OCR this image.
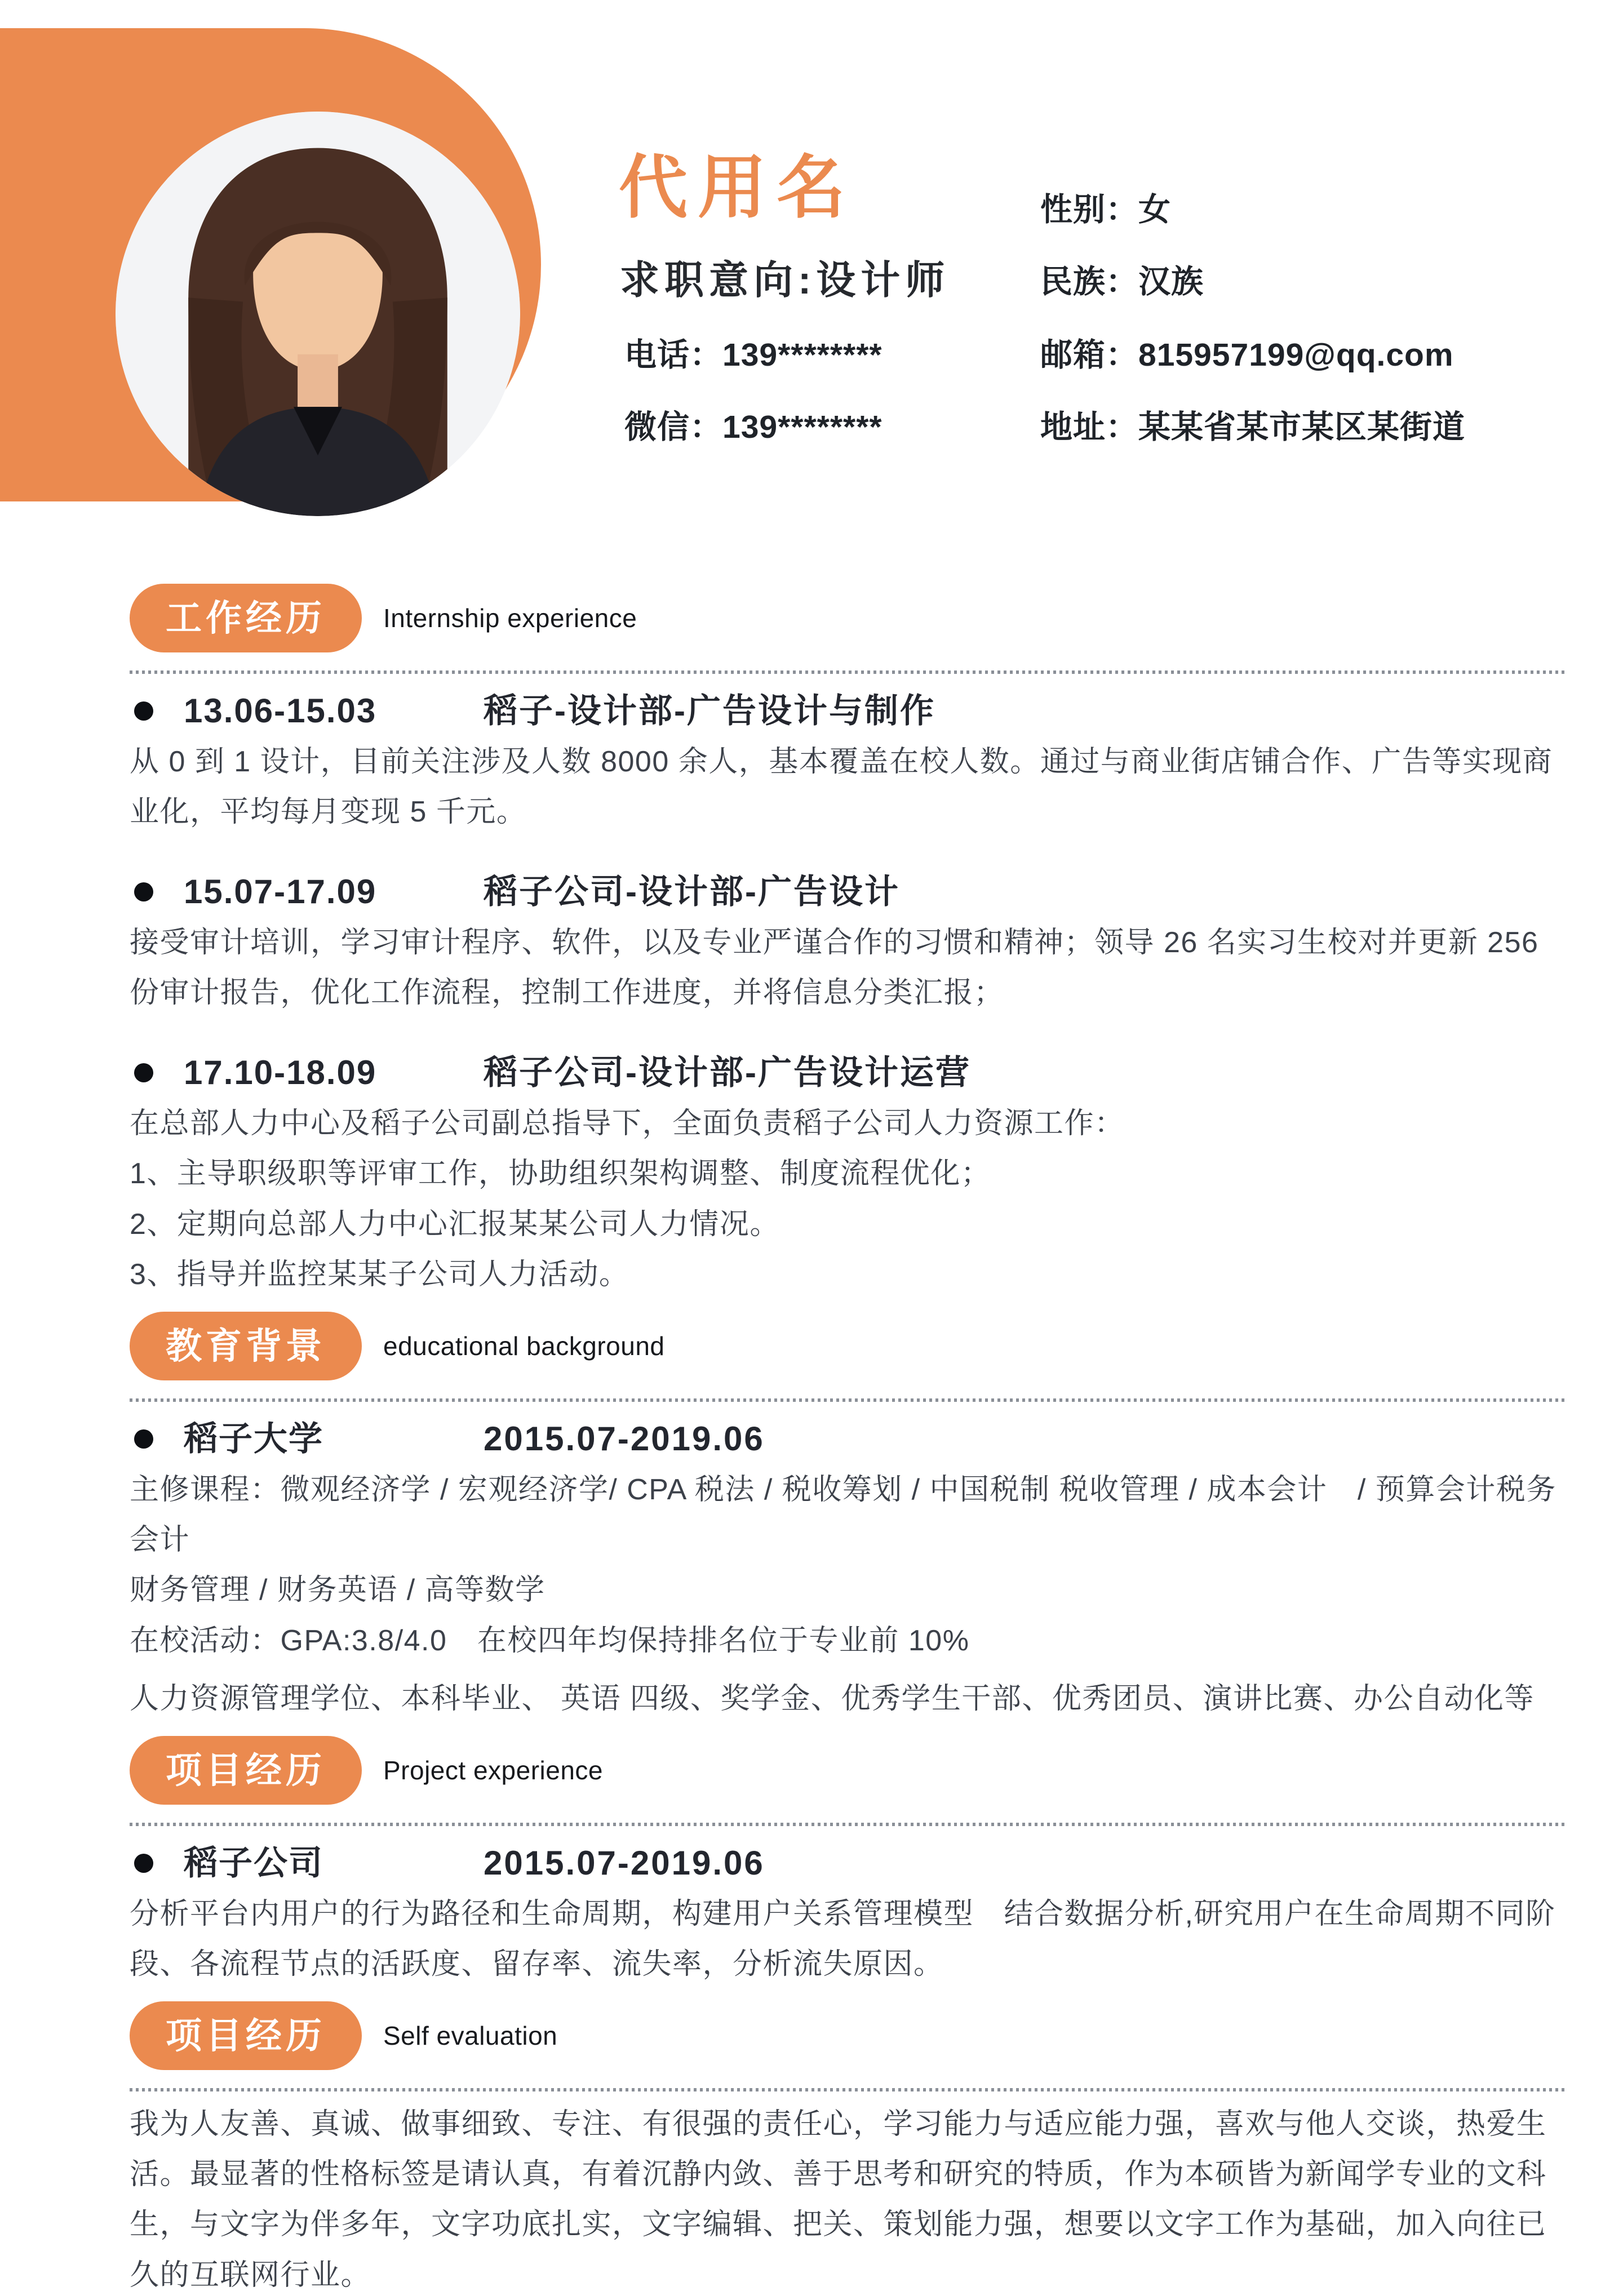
代用名
求职意向:设计师
电话：139********
微信：139********
性别：女
民族：汉族
邮箱：815957199@qq.com
地址：某某省某市某区某街道
工作经历	Internship experience
13.06-15.03	稻子-设计部-广告设计与制作

从 0 到 1 设计，目前关注涉及人数 8000 余人，基本覆盖在校人数。通过与商业街店铺合作、广告等实现商业化，平均每月变现 5 千元。

15.07-17.09	稻子公司-设计部-广告设计

接受审计培训，学习审计程序、软件，以及专业严谨合作的习惯和精神；领导 26 名实习生校对并更新 256 份审计报告，优化工作流程，控制工作进度，并将信息分类汇报；

17.10-18.09	稻子公司-设计部-广告设计运营

在总部人力中心及稻子公司副总指导下，全面负责稻子公司人力资源工作：

1、主导职级职等评审工作，协助组织架构调整、制度流程优化；

2、定期向总部人力中心汇报某某公司人力情况。

3、指导并监控某某子公司人力活动。

教育背景	educational background
稻子大学	2015.07-2019.06

主修课程：微观经济学 / 宏观经济学/ CPA 税法 / 税收筹划 / 中国税制 税收管理 / 成本会计　/ 预算会计税务会计

财务管理 / 财务英语 / 高等数学

在校活动：GPA:3.8/4.0　在校四年均保持排名位于专业前 10%

人力资源管理学位、本科毕业、 英语 四级、奖学金、优秀学生干部、优秀团员、演讲比赛、办公自动化等

项目经历	Project experience
稻子公司	2015.07-2019.06

分析平台内用户的行为路径和生命周期，构建用户关系管理模型　结合数据分析,研究用户在生命周期不同阶段、各流程节点的活跃度、留存率、流失率，分析流失原因。

项目经历	Self evaluation

我为人友善、真诚、做事细致、专注、有很强的责任心，学习能力与适应能力强，喜欢与他人交谈，热爱生活。最显著的性格标签是请认真，有着沉静内敛、善于思考和研究的特质，作为本硕皆为新闻学专业的文科生，与文字为伴多年，文字功底扎实，文字编辑、把关、策划能力强，想要以文字工作为基础，加入向往已久的互联网行业。
